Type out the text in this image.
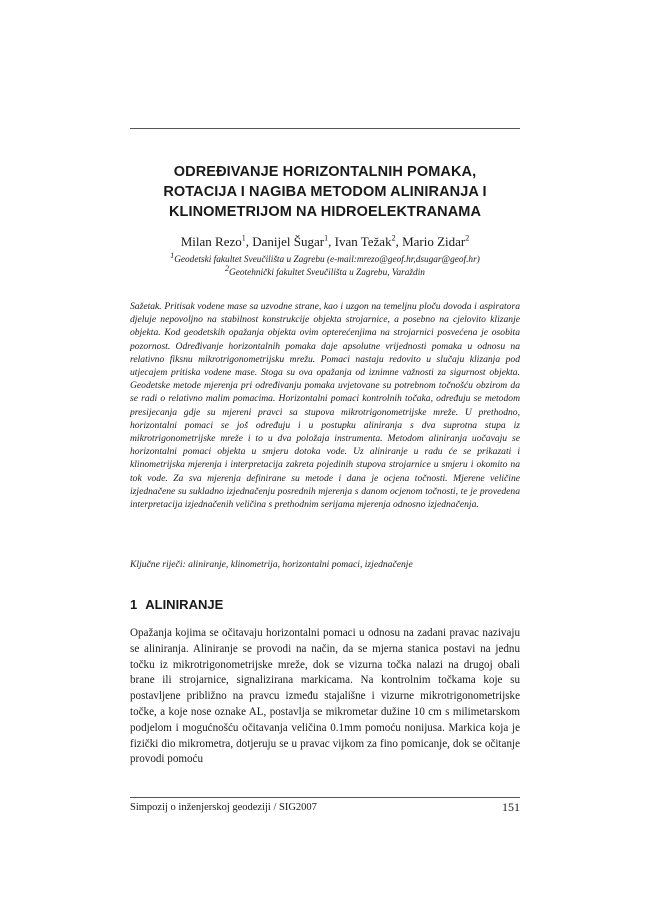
ODREĐIVANJE HORIZONTALNIH POMAKA,
ROTACIJA I NAGIBA METODOM ALINIRANJA I
KLINOMETRIJOM NA HIDROELEKTRANAMA
Milan Rezo$^1$, Danijel Šugar$^1$, Ivan Težak$^2$, Mario Zidar$^2$
$^1$Geodetski fakultet Sveučilišta u Zagrebu (e-mail:mrezo@geof.hr,dsugar@geof.hr)
$^2$Geotehnički fakultet Sveučilišta u Zagrebu, Varaždin

Sažetak. Pritisak vodene mase sa uzvodne strane, kao i uzgon na temeljnu ploču dovoda i aspiratora djeluje nepovoljno na stabilnost konstrukcije objekta strojarnice, a posebno na cjelovito klizanje objekta. Kod geodetskih opažanja objekta ovim opterećenjima na strojarnici posvećena je osobita pozornost. Određivanje horizontalnih pomaka daje apsolutne vrijednosti pomaka u odnosu na relativno fiksnu mikrotrigonometrijsku mrežu. Pomaci nastaju redovito u slučaju klizanja pod utjecajem pritiska vodene mase. Stoga su ova opažanja od iznimne važnosti za sigurnost objekta. Geodetske metode mjerenja pri određivanju pomaka uvjetovane su potrebnom točnošću obzirom da se radi o relativno malim pomacima. Horizontalni pomaci kontrolnih točaka, određuju se metodom presijecanja gdje su mjereni pravci sa stupova mikrotrigonometrijske mreže. U prethodno, horizontalni pomaci se još određuju i u postupku aliniranja s dva suprotna stupa iz mikrotrigonometrijske mreže i to u dva položaja instrumenta. Metodom aliniranja uočavaju se horizontalni pomaci objekta u smjeru dotoka vode. Uz aliniranje u radu će se prikazati i klinometrijska mjerenja i interpretacija zakreta pojedinih stupova strojarnice u smjeru i okomito na tok vode. Za sva mjerenja definirane su metode i dana je ocjena točnosti. Mjerene veličine izjednačene su sukladno izjednačenju posrednih mjerenja s danom ocjenom točnosti, te je provedena interpretacija izjednačenih veličina s prethodnim serijama mjerenja odnosno izjednačenja.

Ključne riječi: aliniranje, klinometrija, horizontalni pomaci, izjednačenje
1 ALINIRANJE

Opažanja kojima se očitavaju horizontalni pomaci u odnosu na zadani pravac nazivaju se aliniranja. Aliniranje se provodi na način, da se mjerna stanica postavi na jednu točku iz mikrotrigonometrijske mreže, dok se vizurna točka nalazi na drugoj obali brane ili strojarnice, signalizirana markicama. Na kontrolnim točkama koje su postavljene približno na pravcu između stajališne i vizurne mikrotrigonometrijske točke, a koje nose oznake AL, postavlja se mikrometar dužine 10 cm s milimetarskom podjelom i mogućnošću očitavanja veličina 0.1mm pomoću nonijusa. Markica koja je fizički dio mikrometra, dotjeruju se u pravac vijkom za fino pomicanje, dok se očitanje provodi pomoću

Simpozij o inženjerskoj geodeziji / SIG2007	151
